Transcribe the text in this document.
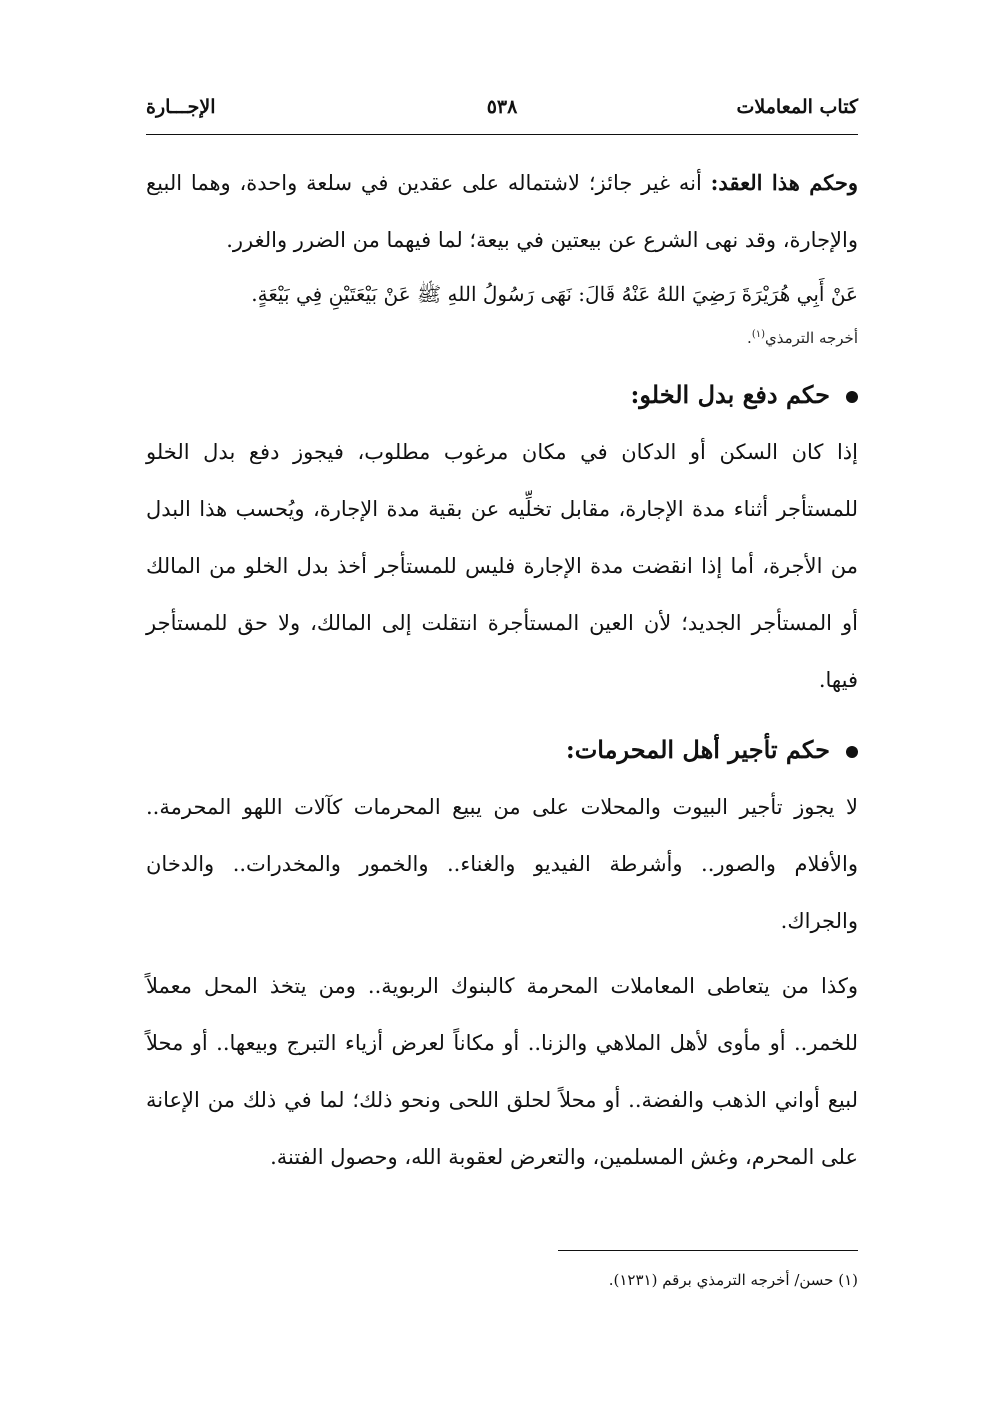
كتاب المعاملات
٥٣٨
الإجـــارة

وحكم هذا العقد: أنه غير جائز؛ لاشتماله على عقدين في سلعة واحدة، وهما البيع والإجارة، وقد نهى الشرع عن بيعتين في بيعة؛ لما فيهما من الضرر والغرر.

عَنْ أَبِي هُرَيْرَةَ رَضِيَ اللهُ عَنْهُ قَالَ: نَهَى رَسُولُ اللهِ ﷺ عَنْ بَيْعَتَيْنِ فِي بَيْعَةٍ.

أخرجه الترمذي$^{(١)}$.

حكم دفع بدل الخلو:

إذا كان السكن أو الدكان في مكان مرغوب مطلوب، فيجوز دفع بدل الخلو للمستأجر أثناء مدة الإجارة، مقابل تخلِّيه عن بقية مدة الإجارة، ويُحسب هذا البدل من الأجرة، أما إذا انقضت مدة الإجارة فليس للمستأجر أخذ بدل الخلو من المالك أو المستأجر الجديد؛ لأن العين المستأجرة انتقلت إلى المالك، ولا حق للمستأجر فيها.

حكم تأجير أهل المحرمات:

لا يجوز تأجير البيوت والمحلات على من يبيع المحرمات كآلات اللهو المحرمة.. والأفلام والصور.. وأشرطة الفيديو والغناء.. والخمور والمخدرات.. والدخان والجراك.

وكذا من يتعاطى المعاملات المحرمة كالبنوك الربوية.. ومن يتخذ المحل معملاً للخمر.. أو مأوى لأهل الملاهي والزنا.. أو مكاناً لعرض أزياء التبرج وبيعها.. أو محلاً لبيع أواني الذهب والفضة.. أو محلاً لحلق اللحى ونحو ذلك؛ لما في ذلك من الإعانة على المحرم، وغش المسلمين، والتعرض لعقوبة الله، وحصول الفتنة.

(١) حسن/ أخرجه الترمذي برقم (١٢٣١).
